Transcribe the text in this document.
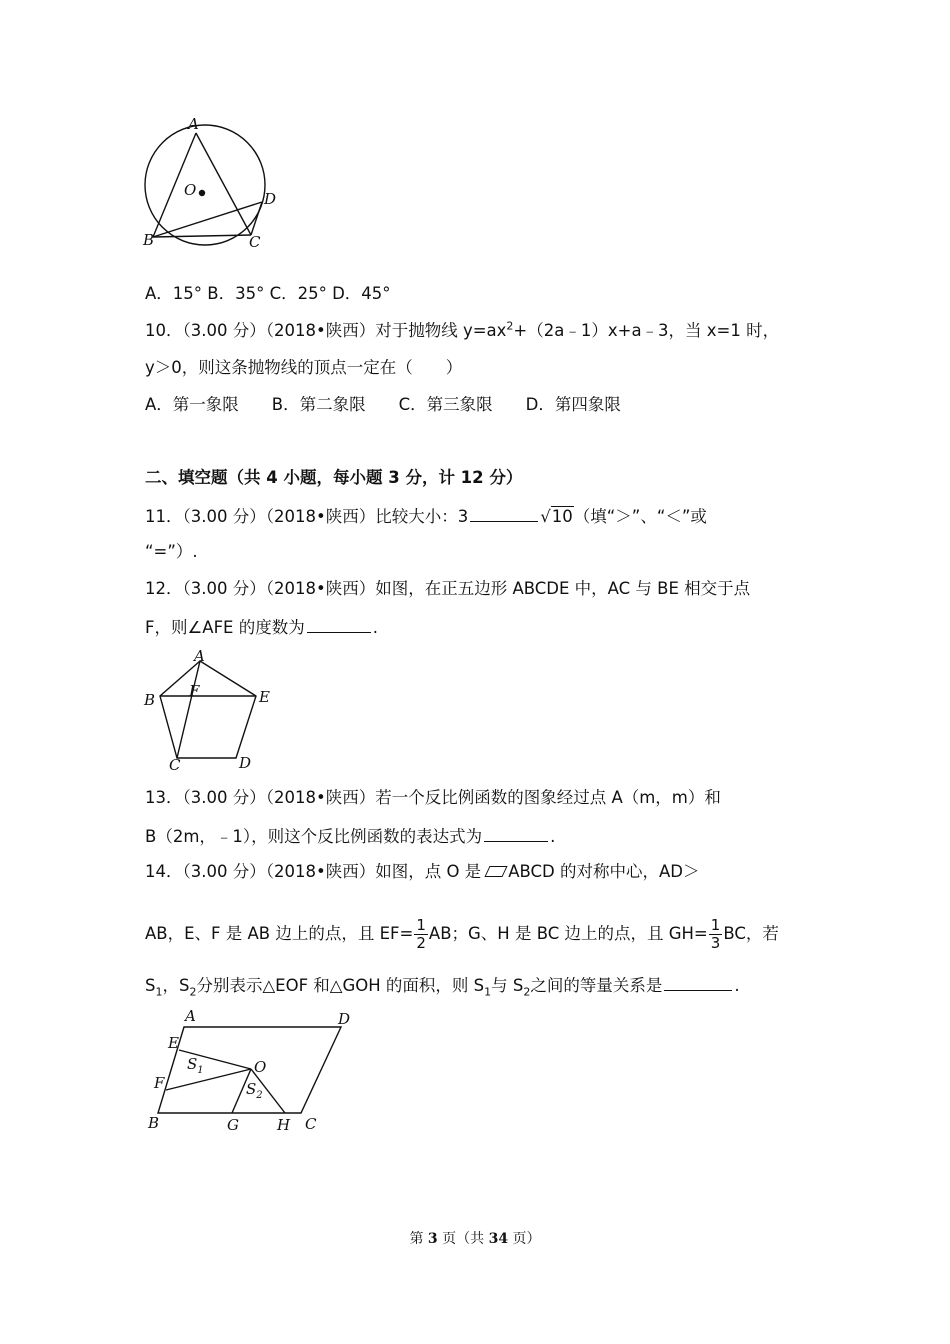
A
O	D
B	C
A．15° B．35° C．25° D．45°
10．（3.00 分）（2018•陕西）对于抛物线 $y=ax^2+(2a﹣1)x+a﹣3$，当 x=1 时，
y＞0，则这条抛物线的顶点一定在（　　）
A．第一象限　　B．第二象限　　C．第三象限　　D．第四象限
二、填空题（共 4 小题，每小题 3 分，计 12 分）
11．（3.00 分）（2018•陕西）比较大小：3	√10（填“＞”、“＜”或
“=”）.
12．（3.00 分）（2018•陕西）如图，在正五边形 ABCDE 中，AC 与 BE 相交于点
F，则∠AFE 的度数为	.
A
B F	E
C	D
13．（3.00 分）（2018•陕西）若一个反比例函数的图象经过点 A（m，m）和
B（2m，﹣1），则这个反比例函数的表达式为	.
14．（3.00 分）（2018•陕西）如图，点 O 是 ABCD 的对称中心，AD＞
AB，E、F 是 AB 边上的点，且 $EF= \frac{1}{2}$ AB；G、H 是 BC 边上的点，且 $GH= \frac{1}{3}$ BC，若
$S_1$，$S_2$分别表示△EOF 和△GOH 的面积，则 $S_1$与 $S_2$之间的等量关系是	.
A	D
E
F
O
$S_1$
$S_2$
B	G	H C
第 3 页（共 34 页）
